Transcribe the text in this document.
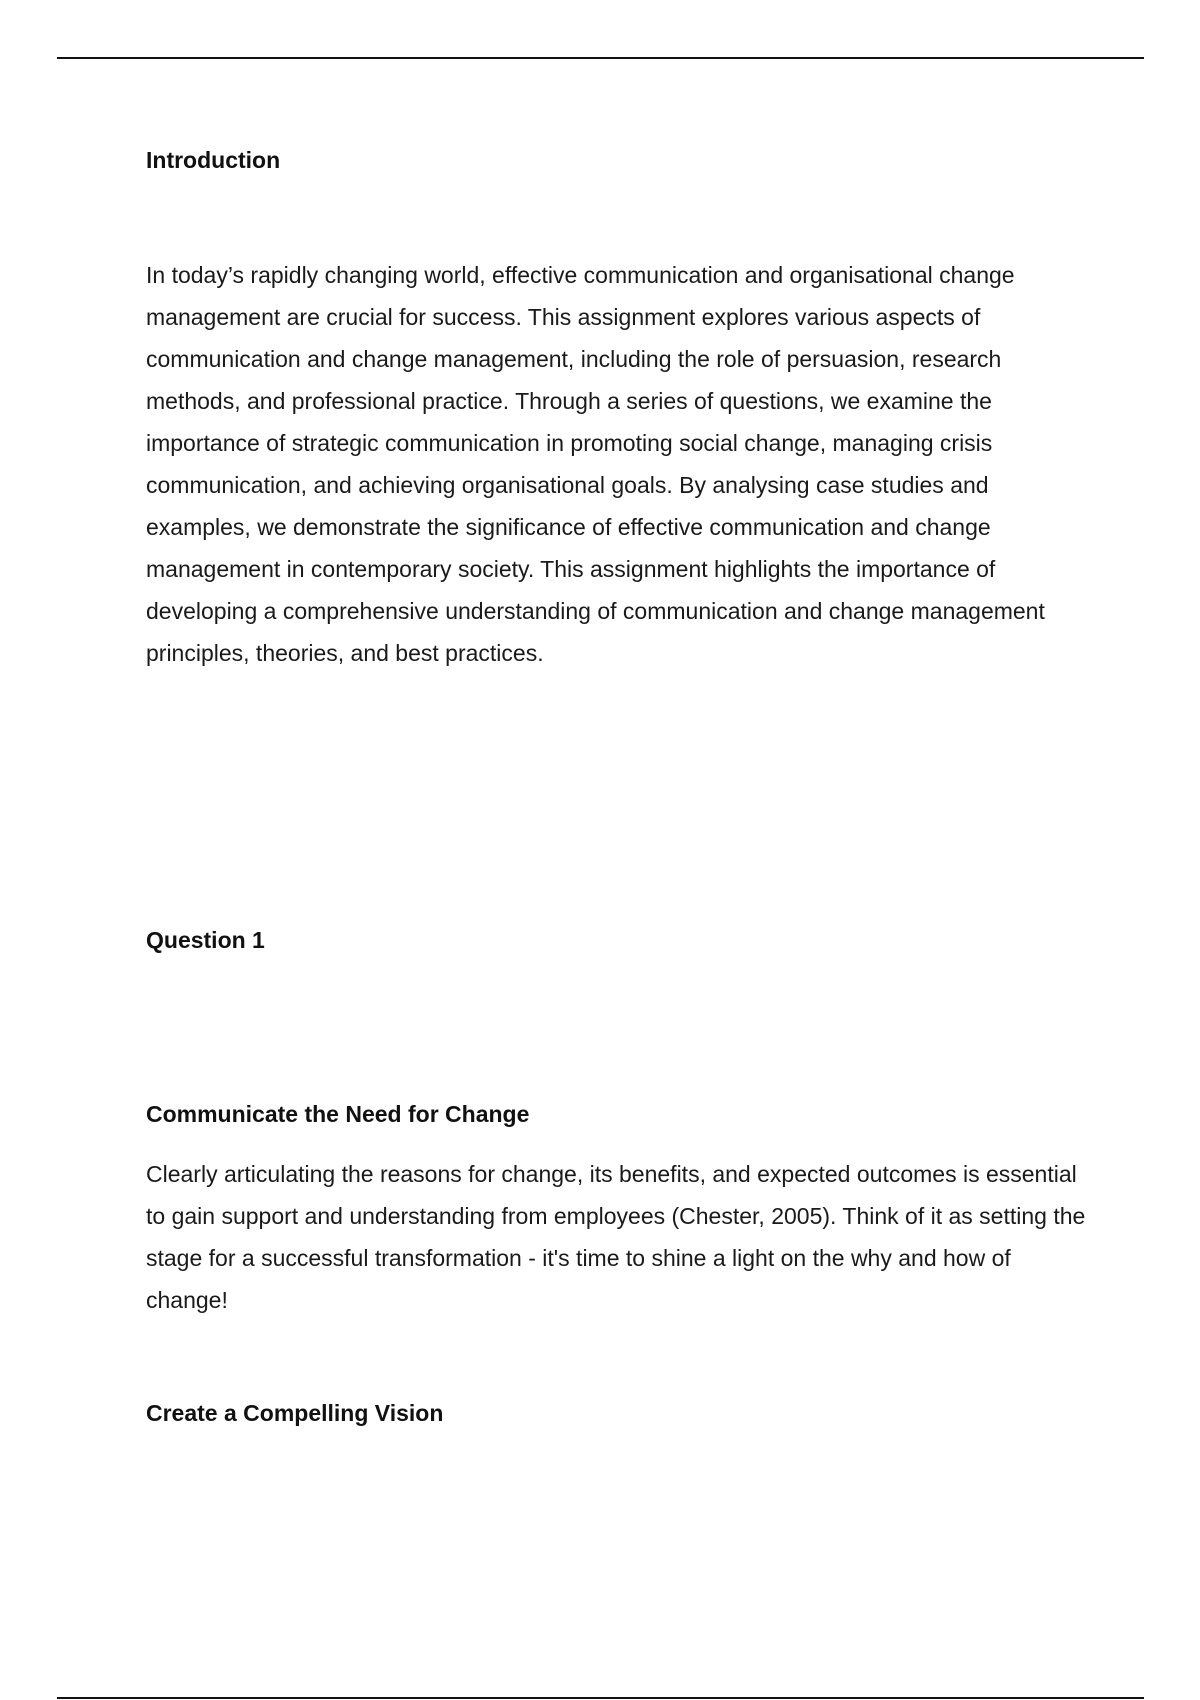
Introduction

In today’s rapidly changing world, effective communication and organisational change management are crucial for success. This assignment explores various aspects of communication and change management, including the role of persuasion, research methods, and professional practice. Through a series of questions, we examine the importance of strategic communication in promoting social change, managing crisis communication, and achieving organisational goals. By analysing case studies and examples, we demonstrate the significance of effective communication and change management in contemporary society. This assignment highlights the importance of developing a comprehensive understanding of communication and change management principles, theories, and best practices.

Question 1
Communicate the Need for Change

Clearly articulating the reasons for change, its benefits, and expected outcomes is essential to gain support and understanding from employees (Chester, 2005). Think of it as setting the stage for a successful transformation - it's time to shine a light on the why and how of change!

Create a Compelling Vision
